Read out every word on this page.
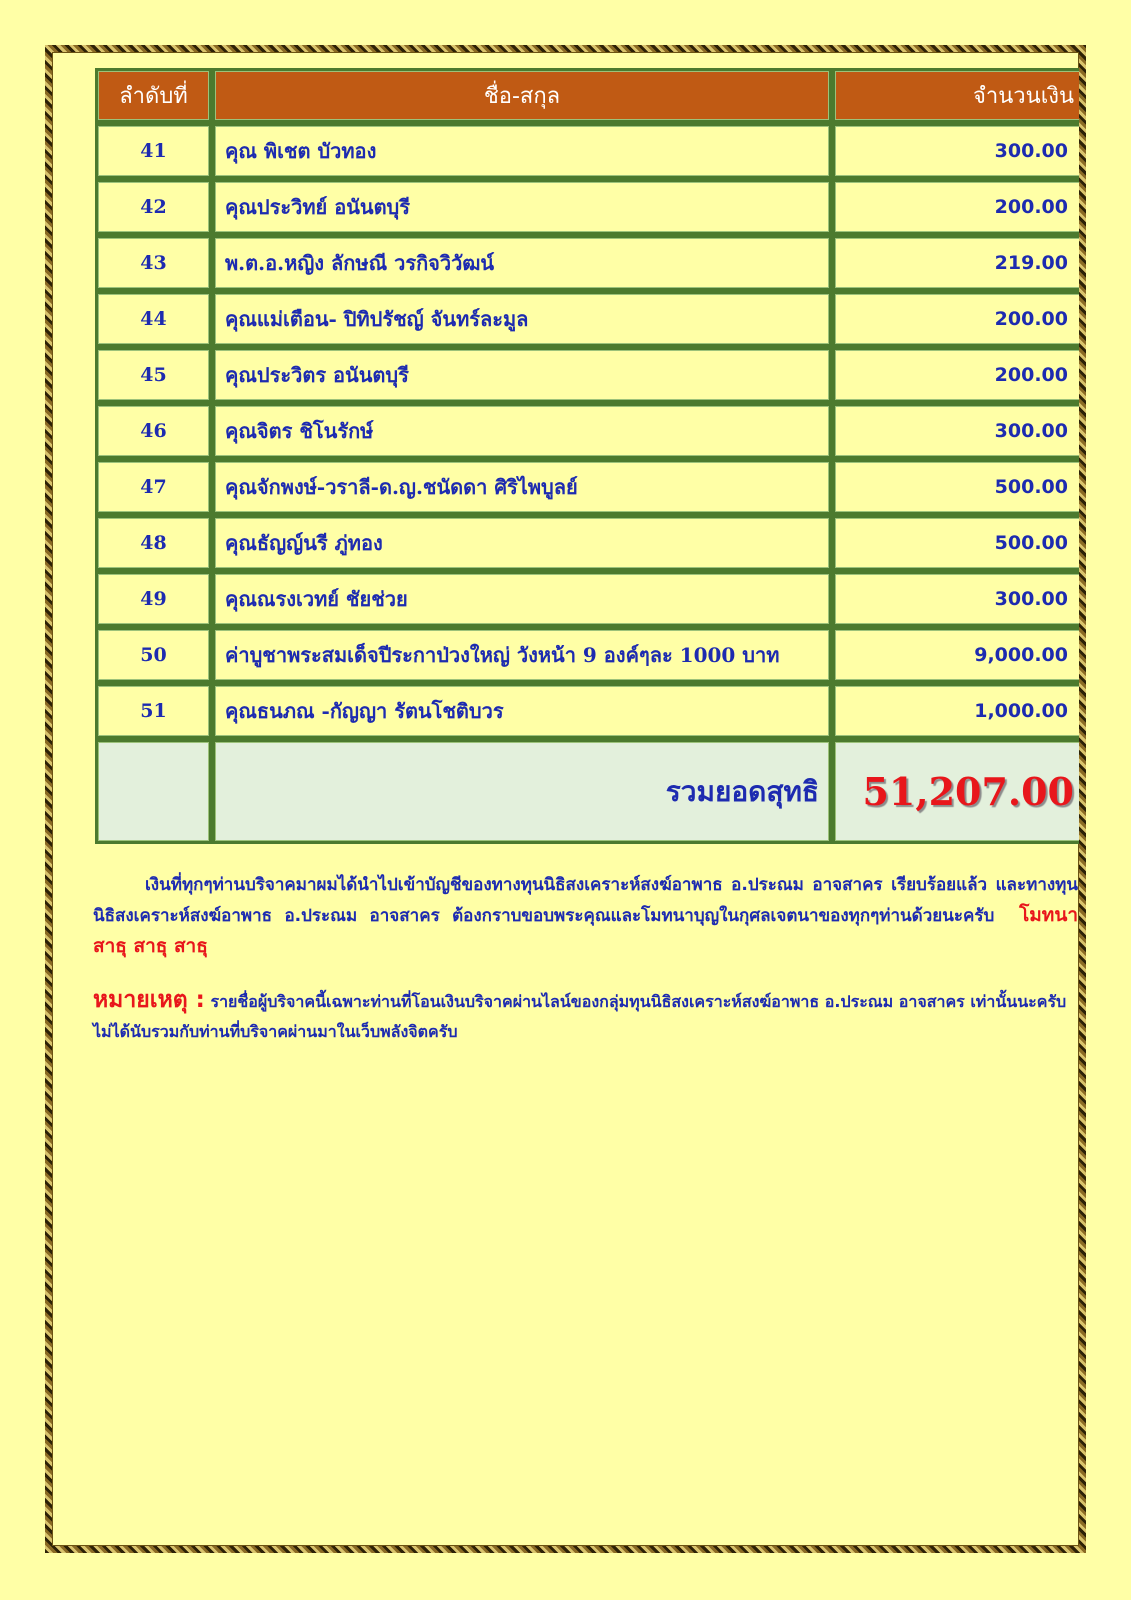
ลำดับที่	ชื่อ-สกุล	จำนวนเงิน
41	คุณ พิเชต บัวทอง	300.00
42	คุณประวิทย์ อนันตบุรี	200.00
43	พ.ต.อ.หญิง ลักษณี วรกิจวิวัฒน์	219.00
44	คุณแม่เตือน- ปิทิปรัชญ์ จันทร์ละมูล	200.00
45	คุณประวิตร อนันตบุรี	200.00
46	คุณจิตร ชิโนรักษ์	300.00
47	คุณจักพงษ์-วราลี-ด.ญ.ชนัดดา ศิริไพบูลย์	500.00
48	คุณธัญญ์นรี ภู่ทอง	500.00
49	คุณณรงเวทย์ ชัยช่วย	300.00
50	ค่าบูชาพระสมเด็จปีระกาป่วงใหญ่ วังหน้า 9 องค์ๆละ 1000 บาท	9,000.00
51	คุณธนภณ -กัญญา รัตนโชติบวร	1,000.00
	รวมยอดสุทธิ	51,207.00

เงินที่ทุกๆท่านบริจาคมาผมได้นำไปเข้าบัญชีของทางทุนนิธิสงเคราะห์สงฆ์อาพาธ อ.ประณม อาจสาคร เรียบร้อยแล้ว และทางทุนนิธิสงเคราะห์สงฆ์อาพาธ อ.ประณม อาจสาคร ต้องกราบขอบพระคุณและโมทนาบุญในกุศลเจตนาของทุกๆท่านด้วยนะครับ โมทนาสาธุ สาธุ สาธุ

หมายเหตุ : รายชื่อผู้บริจาคนี้เฉพาะท่านที่โอนเงินบริจาคผ่านไลน์ของกลุ่มทุนนิธิสงเคราะห์สงฆ์อาพาธ อ.ประณม อาจสาคร เท่านั้นนะครับไม่ได้นับรวมกับท่านที่บริจาคผ่านมาในเว็บพลังจิตครับ
